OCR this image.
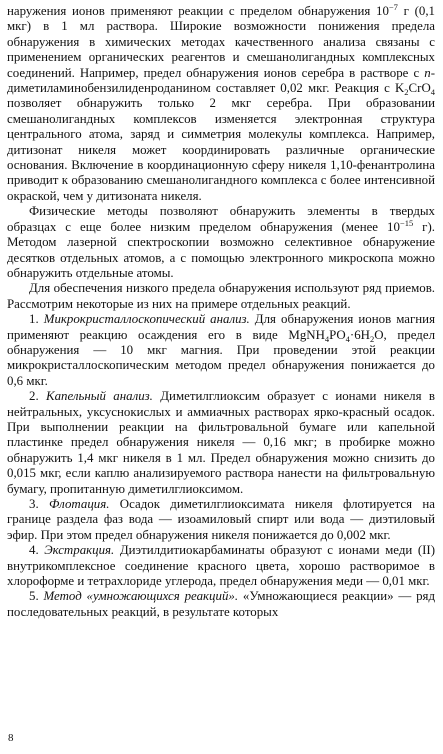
наружения ионов применяют реакции с пределом обнаружения $10^{-7}$ г (0,1 мкг) в 1 мл раствора. Широкие возможности понижения предела обнаружения в химических методах качественного анализа связаны с применением органических реагентов и смешанолигандных комплексных соединений. Например, предел обнаружения ионов серебра в растворе с n-диметиламинобензилиденроданином составляет 0,02 мкг. Реакция с $K_2CrO_4$ позволяет обнаружить только 2 мкг серебра. При образовании смешанолигандных комплексов изменяется электронная структура центрального атома, заряд и симметрия молекулы комплекса. Например, дитизонат никеля может координировать различные органические основания. Включение в координационную сферу никеля 1,10-фенантролина приводит к образованию смешанолигандного комплекса с более интенсивной окраской, чем у дитизоната никеля.

Физические методы позволяют обнаружить элементы в твердых образцах с еще более низким пределом обнаружения (менее $10^{-15}$ г). Методом лазерной спектроскопии возможно селективное обнаружение десятков отдельных атомов, а с помощью электронного микроскопа можно обнаружить отдельные атомы.

Для обеспечения низкого предела обнаружения используют ряд приемов. Рассмотрим некоторые из них на примере отдельных реакций.

1. Микрокристаллоскопический анализ. Для обнаружения ионов магния применяют реакцию осаждения его в виде $MgNH_4PO_4\cdot 6H_2O$, предел обнаружения — 10 мкг магния. При проведении этой реакции микрокристаллоскопическим методом предел обнаружения понижается до 0,6 мкг.

2. Капельный анализ. Диметилглиоксим образует с ионами никеля в нейтральных, уксуснокислых и аммиачных растворах ярко-красный осадок. При выполнении реакции на фильтровальной бумаге или капельной пластинке предел обнаружения никеля — 0,16 мкг; в пробирке можно обнаружить 1,4 мкг никеля в 1 мл. Предел обнаружения можно снизить до 0,015 мкг, если каплю анализируемого раствора нанести на фильтровальную бумагу, пропитанную диметилглиоксимом.

3. Флотация. Осадок диметилглиоксимата никеля флотируется на границе раздела фаз вода — изоамиловый спирт или вода — диэтиловый эфир. При этом предел обнаружения никеля понижается до 0,002 мкг.

4. Экстракция. Диэтилдитиокарбаминаты образуют с ионами меди (II) внутрикомплексное соединение красного цвета, хорошо растворимое в хлороформе и тетрахлориде углерода, предел обнаружения меди — 0,01 мкг.

5. Метод «умножающихся реакций». «Умножающиеся реакции» — ряд последовательных реакций, в результате которых

8
